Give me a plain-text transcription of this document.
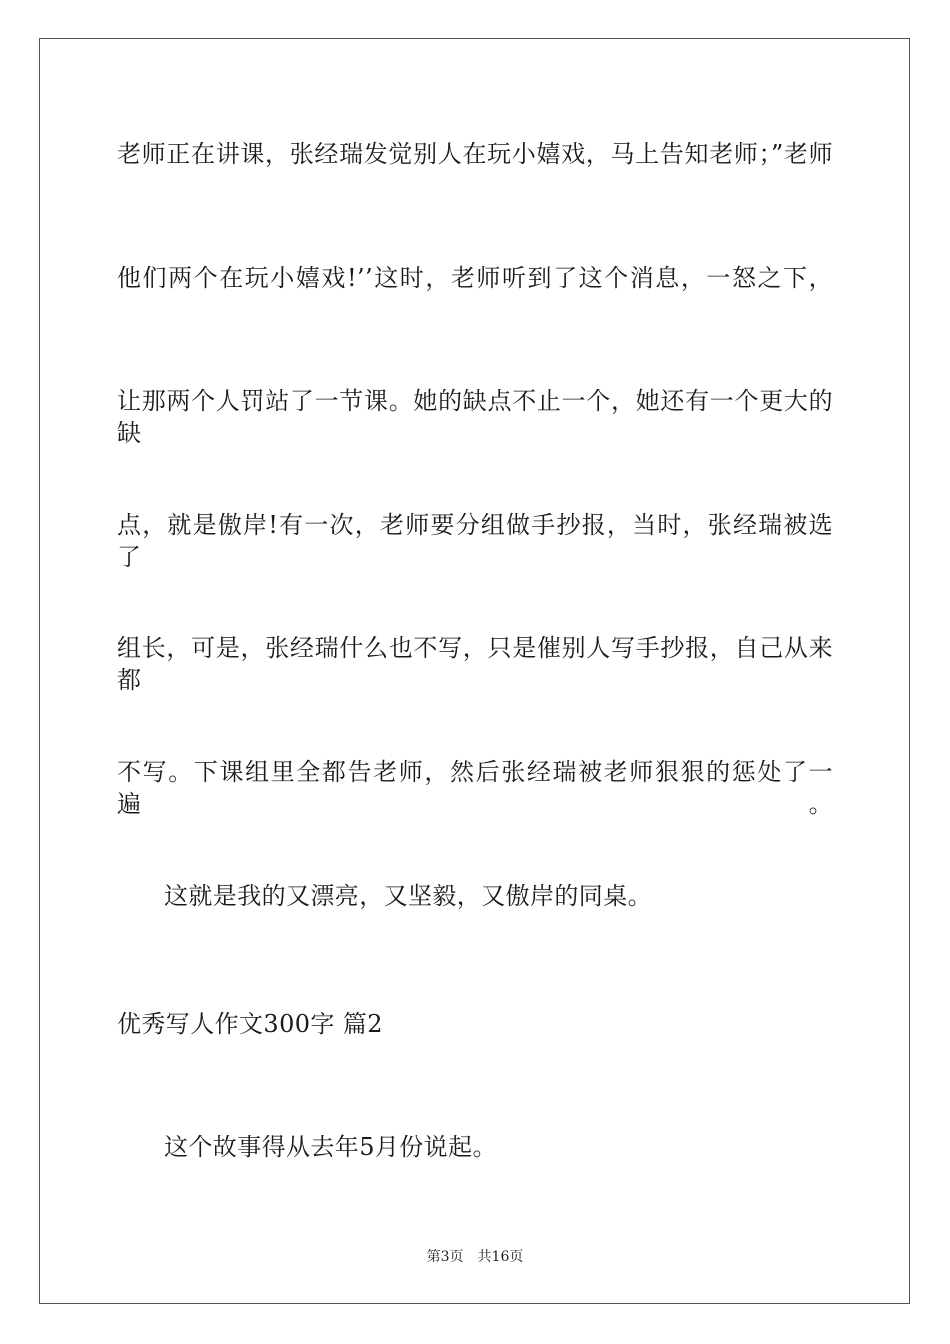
老师正在讲课，张经瑞发觉别人在玩小嬉戏，马上告知老师；”老师
他们两个在玩小嬉戏!’’这时，老师听到了这个消息，一怒之下，
让那两个人罚站了一节课。她的缺点不止一个，她还有一个更大的缺
点，就是傲岸!有一次，老师要分组做手抄报，当时，张经瑞被选了
组长，可是，张经瑞什么也不写，只是催别人写手抄报，自己从来都
不写。下课组里全都告老师，然后张经瑞被老师狠狠的惩处了一遍。
这就是我的又漂亮，又坚毅，又傲岸的同桌。
优秀写人作文300字 篇2
这个故事得从去年5月份说起。
第3页 共16页
